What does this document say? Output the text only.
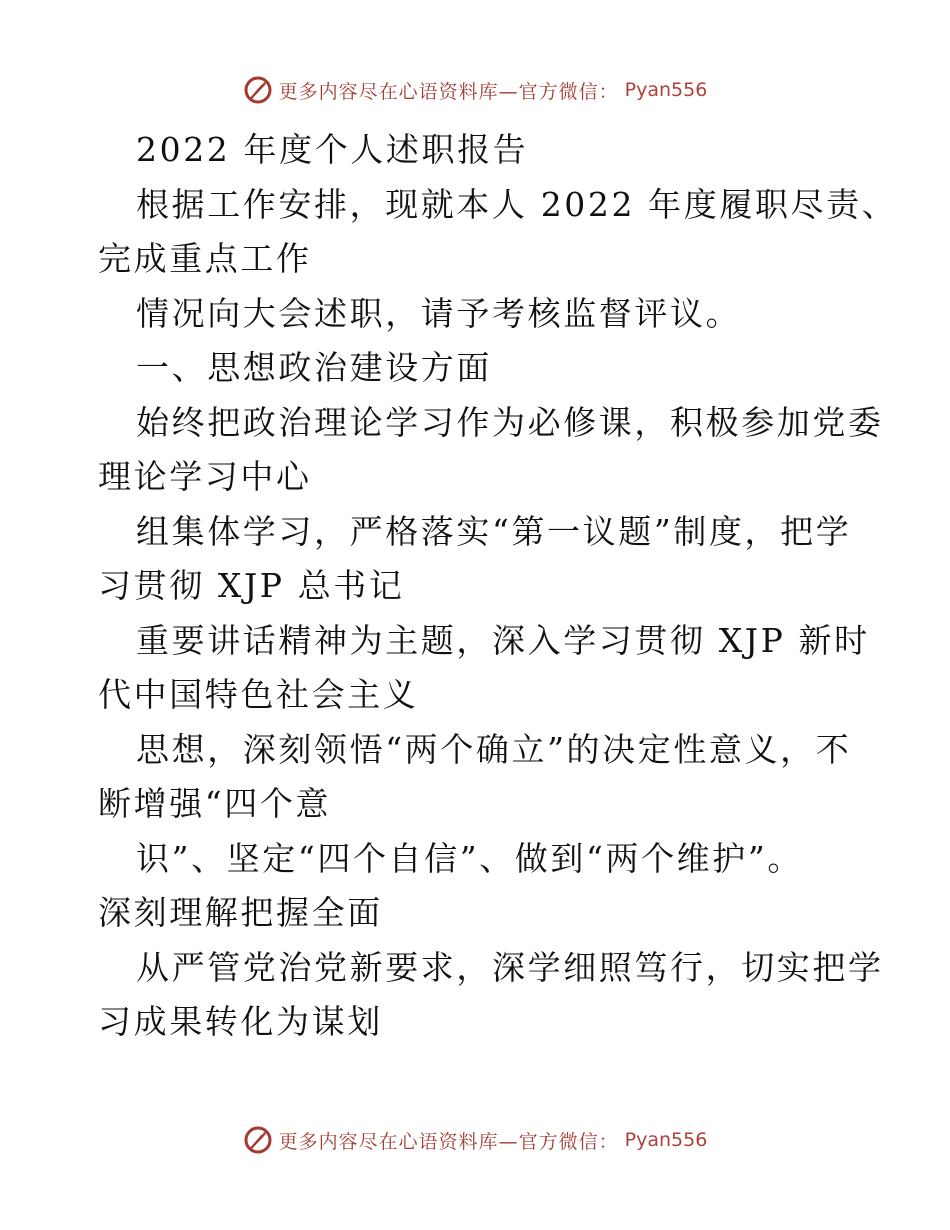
更多内容尽在心语资料库—官方微信： Pyan556
2022 年度个人述职报告
根据工作安排，现就本人 2022 年度履职尽责、
完成重点工作
情况向大会述职，请予考核监督评议。
一、思想政治建设方面
始终把政治理论学习作为必修课，积极参加党委
理论学习中心
组集体学习，严格落实“第一议题”制度，把学
习贯彻 XJP 总书记
重要讲话精神为主题，深入学习贯彻 XJP 新时
代中国特色社会主义
思想，深刻领悟“两个确立”的决定性意义，不
断增强“四个意
识”、坚定“四个自信”、做到“两个维护”。
深刻理解把握全面
从严管党治党新要求，深学细照笃行，切实把学
习成果转化为谋划
更多内容尽在心语资料库—官方微信： Pyan556
